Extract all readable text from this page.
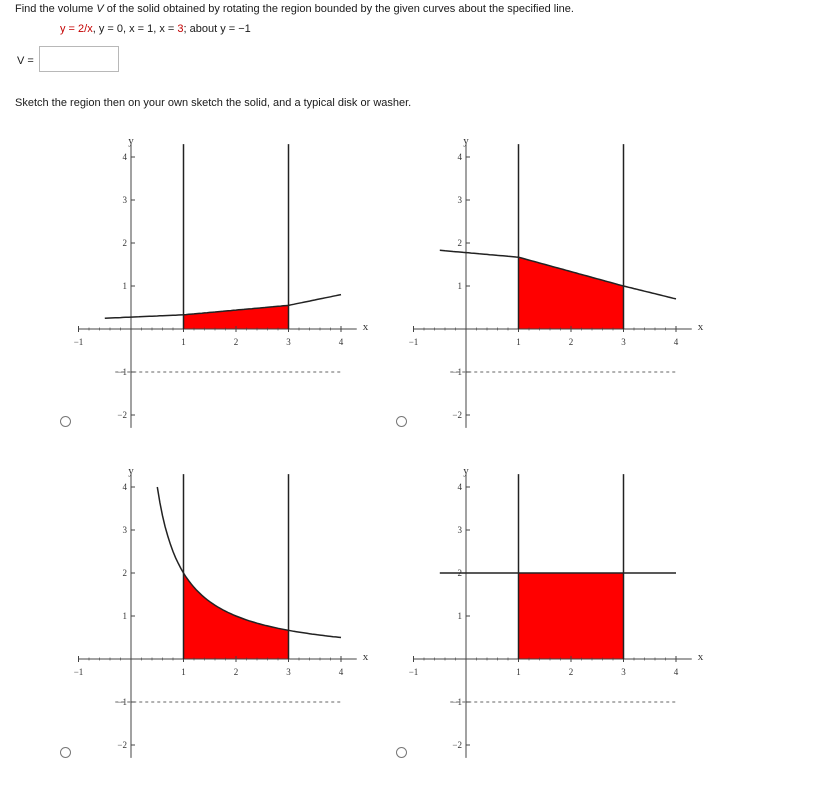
Find the volume V of the solid obtained by rotating the region bounded by the given curves about the specified line.
y = 2/x, y = 0, x = 1, x = 3; about y = −1
V =
Sketch the region then on your own sketch the solid, and a typical disk or washer.
−1	1	2	3	4
4
3
2
1
−1
−2
y
x
−1	1	2	3	4
4
3
2
1
−1
−2
y
x
−1	1	2	3	4
4
3
2
1
−1
−2
y
x
−1	1	2	3	4
4
3
2
1
−1
−2
y
x
